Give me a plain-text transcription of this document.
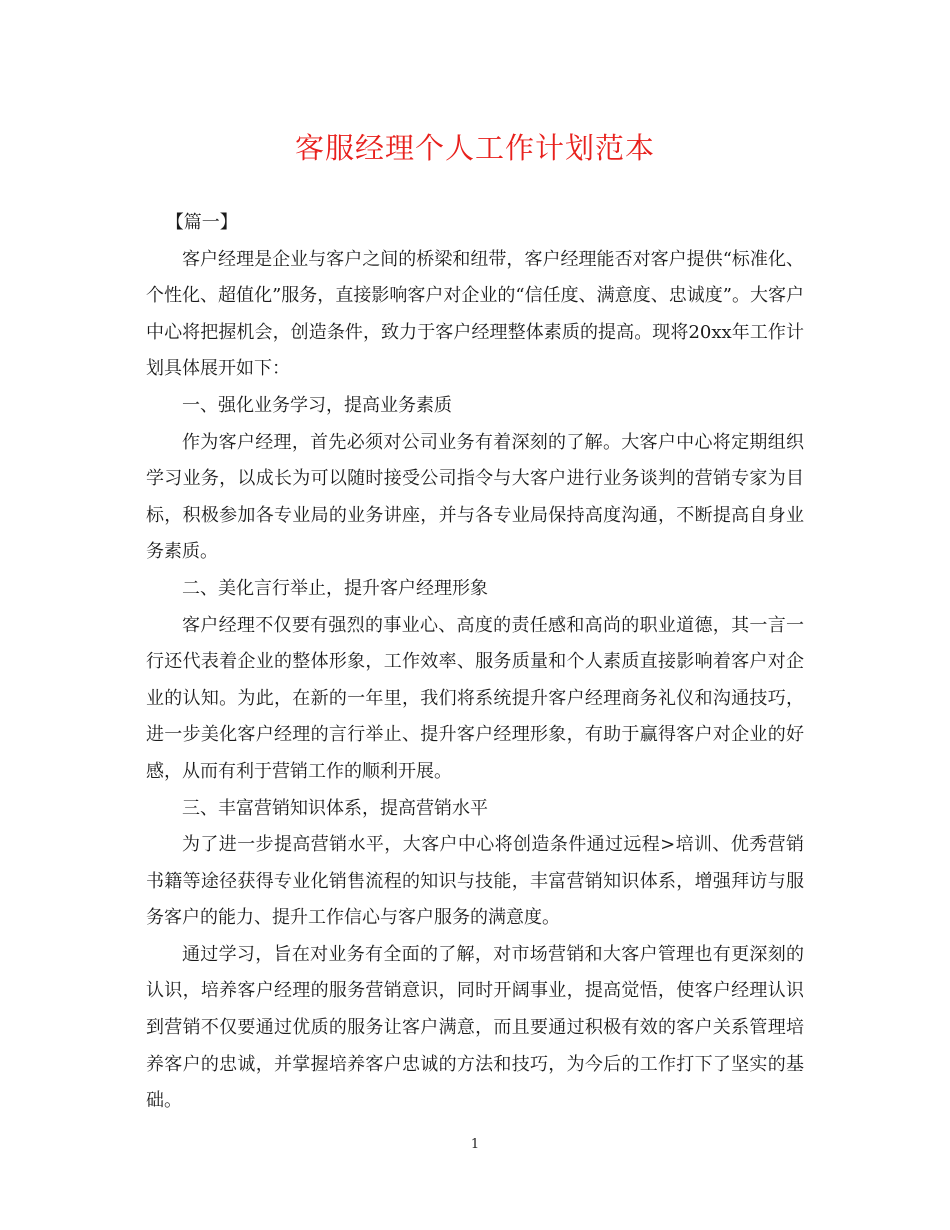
客服经理个人工作计划范本

【篇一】

客户经理是企业与客户之间的桥梁和纽带，客户经理能否对客户提供“标准化、个性化、超值化”服务，直接影响客户对企业的“信任度、满意度、忠诚度”。大客户中心将把握机会，创造条件，致力于客户经理整体素质的提高。现将20xx年工作计划具体展开如下：

一、强化业务学习，提高业务素质

作为客户经理，首先必须对公司业务有着深刻的了解。大客户中心将定期组织学习业务，以成长为可以随时接受公司指令与大客户进行业务谈判的营销专家为目标，积极参加各专业局的业务讲座，并与各专业局保持高度沟通，不断提高自身业务素质。

二、美化言行举止，提升客户经理形象

客户经理不仅要有强烈的事业心、高度的责任感和高尚的职业道德，其一言一行还代表着企业的整体形象，工作效率、服务质量和个人素质直接影响着客户对企业的认知。为此，在新的一年里，我们将系统提升客户经理商务礼仪和沟通技巧，进一步美化客户经理的言行举止、提升客户经理形象，有助于赢得客户对企业的好感，从而有利于营销工作的顺利开展。

三、丰富营销知识体系，提高营销水平

为了进一步提高营销水平，大客户中心将创造条件通过远程>培训、优秀营销书籍等途径获得专业化销售流程的知识与技能，丰富营销知识体系，增强拜访与服务客户的能力、提升工作信心与客户服务的满意度。

通过学习，旨在对业务有全面的了解，对市场营销和大客户管理也有更深刻的认识，培养客户经理的服务营销意识，同时开阔事业，提高觉悟，使客户经理认识到营销不仅要通过优质的服务让客户满意，而且要通过积极有效的客户关系管理培养客户的忠诚，并掌握培养客户忠诚的方法和技巧，为今后的工作打下了坚实的基础。

1
